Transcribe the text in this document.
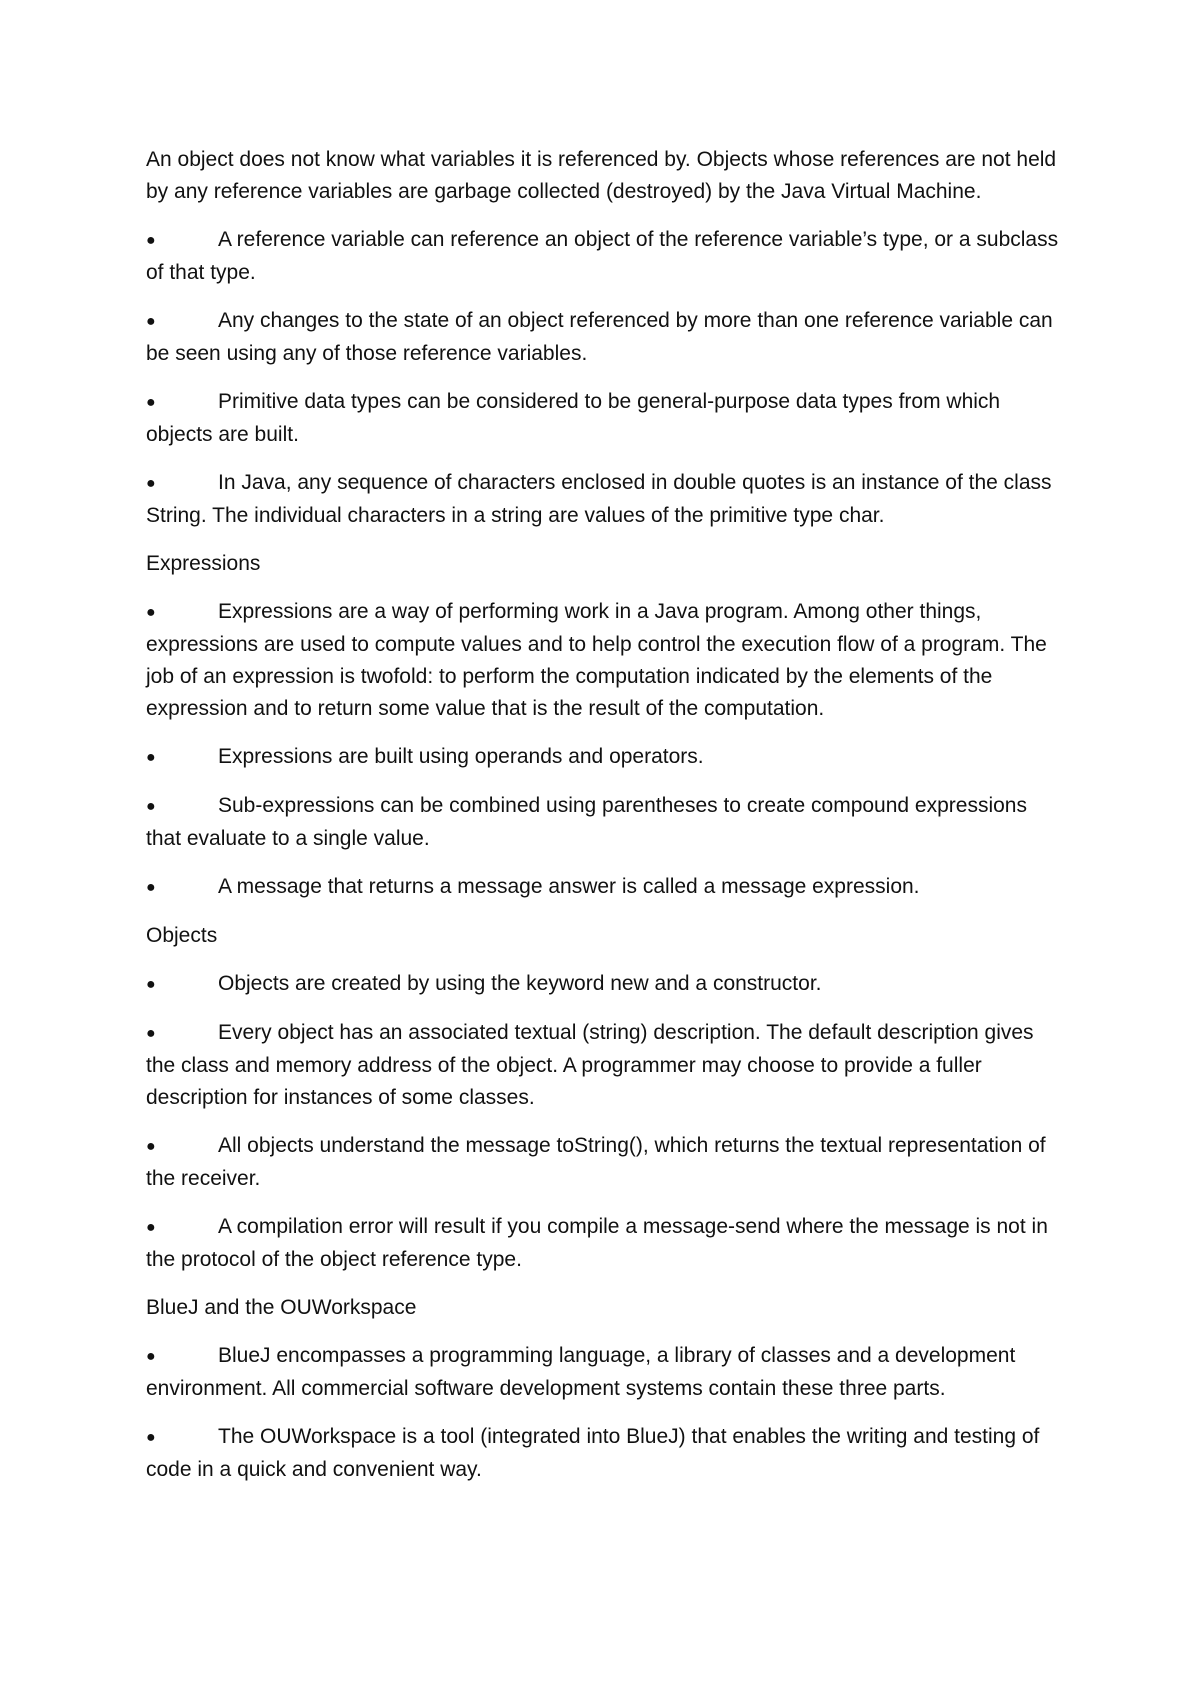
An object does not know what variables it is referenced by. Objects whose references are not held by any reference variables are garbage collected (destroyed) by the Java Virtual Machine.

●	A reference variable can reference an object of the reference variable’s type, or a subclass of that type.

●	Any changes to the state of an object referenced by more than one reference variable can be seen using any of those reference variables.

●	Primitive data types can be considered to be general-purpose data types from which objects are built.

●	In Java, any sequence of characters enclosed in double quotes is an instance of the class String. The individual characters in a string are values of the primitive type char.

Expressions

●	Expressions are a way of performing work in a Java program. Among other things, expressions are used to compute values and to help control the execution flow of a program. The job of an expression is twofold: to perform the computation indicated by the elements of the expression and to return some value that is the result of the computation.

●	Expressions are built using operands and operators.

●	Sub-expressions can be combined using parentheses to create compound expressions that evaluate to a single value.

●	A message that returns a message answer is called a message expression.

Objects

●	Objects are created by using the keyword new and a constructor.

●	Every object has an associated textual (string) description. The default description gives the class and memory address of the object. A programmer may choose to provide a fuller description for instances of some classes.

●	All objects understand the message toString(), which returns the textual representation of the receiver.

●	A compilation error will result if you compile a message-send where the message is not in the protocol of the object reference type.

BlueJ and the OUWorkspace

●	BlueJ encompasses a programming language, a library of classes and a development environment. All commercial software development systems contain these three parts.

●	The OUWorkspace is a tool (integrated into BlueJ) that enables the writing and testing of code in a quick and convenient way.
